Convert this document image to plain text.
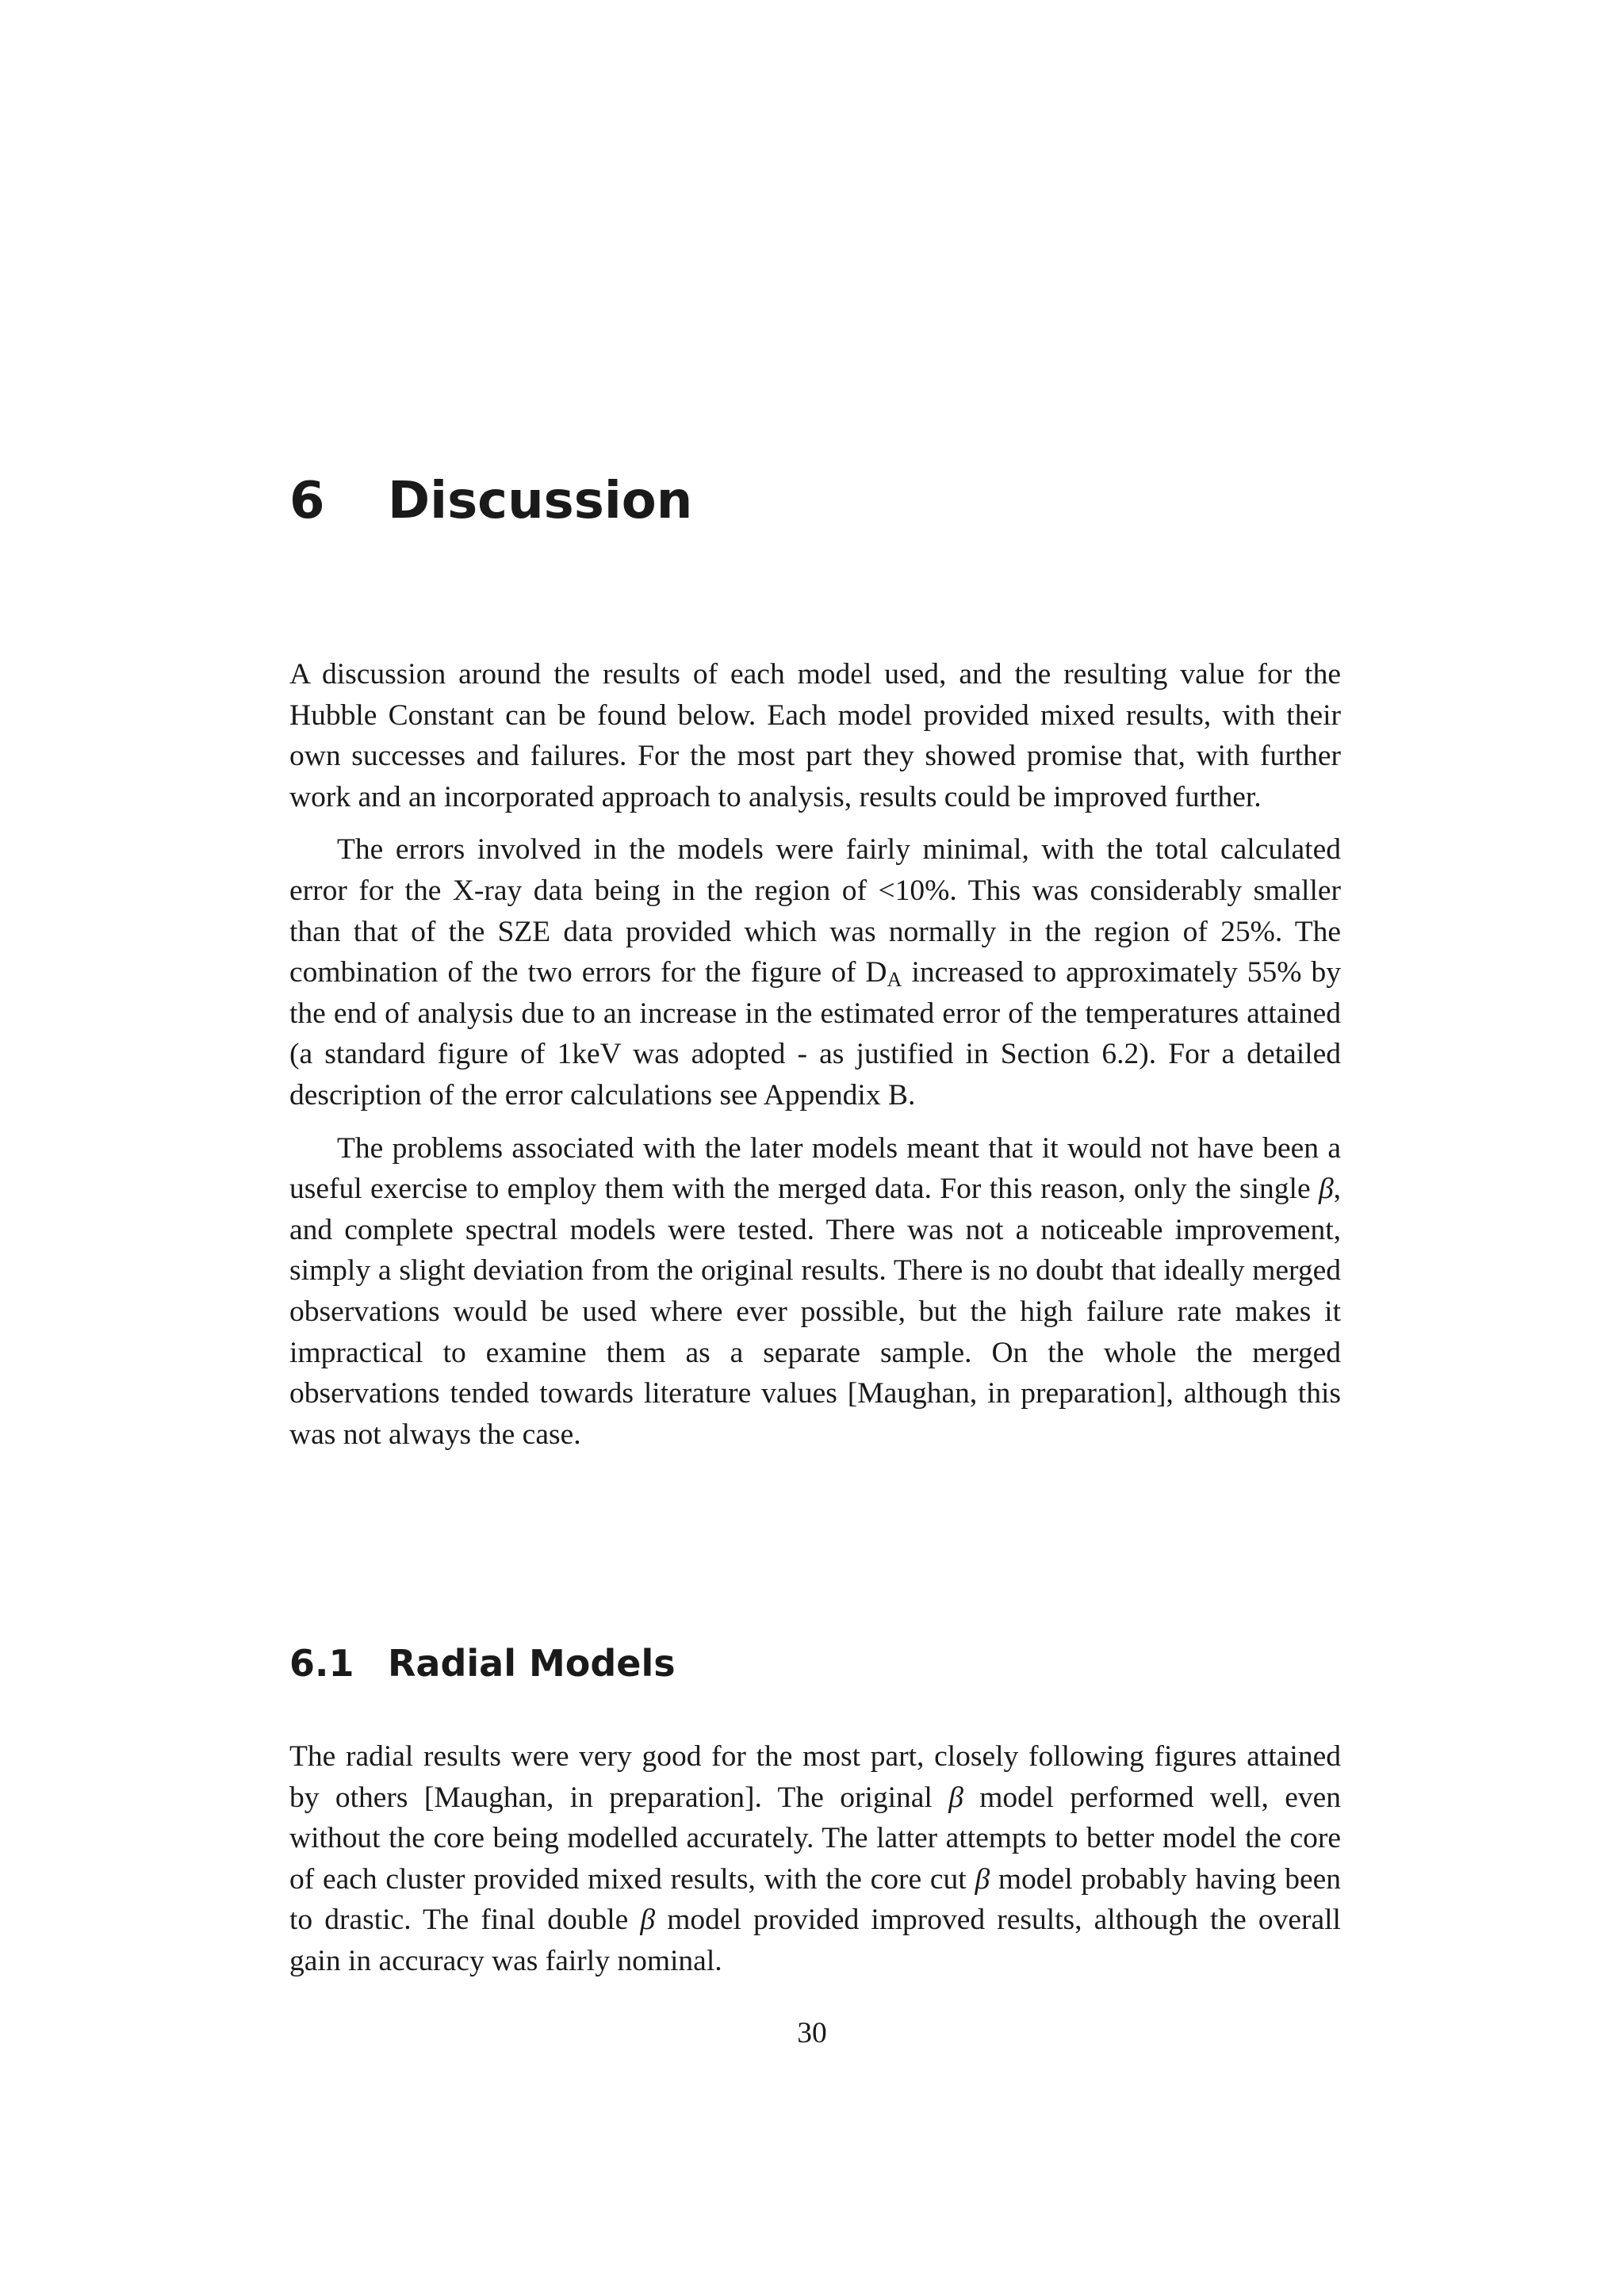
6 Discussion

A discussion around the results of each model used, and the resulting value for the Hubble Constant can be found below. Each model provided mixed results, with their own successes and failures. For the most part they showed promise that, with further work and an incorporated approach to analysis, results could be improved further.

The errors involved in the models were fairly minimal, with the total calculated error for the X-ray data being in the region of <10%. This was considerably smaller than that of the SZE data provided which was normally in the region of 25%. The combination of the two errors for the figure of $D_A$ increased to approximately 55% by the end of analysis due to an increase in the estimated error of the temperatures attained (a standard figure of 1keV was adopted - as justified in Section 6.2). For a detailed description of the error calculations see Appendix B.

The problems associated with the later models meant that it would not have been a useful exercise to employ them with the merged data. For this reason, only the single β, and complete spectral models were tested. There was not a noticeable improvement, simply a slight deviation from the original results. There is no doubt that ideally merged observations would be used where ever possible, but the high failure rate makes it impractical to examine them as a separate sample. On the whole the merged observations tended towards literature values [Maughan, in preparation], although this was not always the case.

6.1 Radial Models

The radial results were very good for the most part, closely following figures attained by others [Maughan, in preparation]. The original β model performed well, even without the core being modelled accurately. The latter attempts to better model the core of each cluster provided mixed results, with the core cut β model probably having been to drastic. The final double β model provided improved results, although the overall gain in accuracy was fairly nominal.

30
